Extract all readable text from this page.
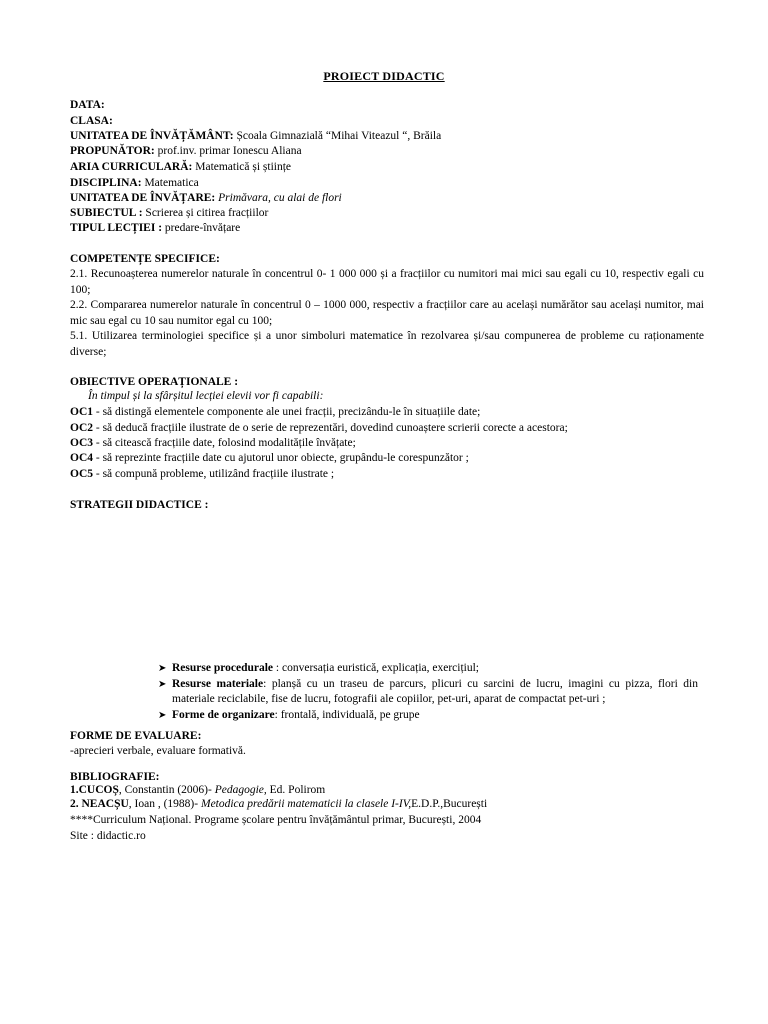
PROIECT DIDACTIC
DATA:
CLASA:
UNITATEA DE ÎNVĂȚĂMÂNT: Școala Gimnazială “Mihai Viteazul “, Brăila
PROPUNĂTOR: prof.inv. primar Ionescu Aliana
ARIA CURRICULARĂ: Matematică și științe
DISCIPLINA: Matematica
UNITATEA DE ÎNVĂȚARE: Primăvara, cu alai de flori
SUBIECTUL : Scrierea și citirea fracțiilor
TIPUL LECȚIEI : predare-învățare
COMPETENȚE SPECIFICE:
2.1. Recunoașterea numerelor naturale în concentrul 0- 1 000 000 și a fracțiilor cu numitori mai mici sau egali cu 10, respectiv egali cu 100;
2.2. Compararea numerelor naturale în concentrul 0 – 1000 000, respectiv a fracțiilor care au același numărător sau același numitor, mai mic sau egal cu 10 sau numitor egal cu 100;
5.1. Utilizarea terminologiei specifice și a unor simboluri matematice în rezolvarea și/sau compunerea de probleme cu raționamente diverse;
OBIECTIVE OPERAȚIONALE :
În timpul și la sfârșitul lecției elevii vor fi capabili:
OC1 - să distingă elementele componente ale unei fracții, precizându-le în situațiile date;
OC2 - să deducă fracțiile ilustrate de o serie de reprezentări, dovedind cunoaștere scrierii corecte a acestora;
OC3 - să citească fracțiile date, folosind modalitățile învățate;
OC4 - să reprezinte fracțiile date cu ajutorul unor obiecte, grupându-le corespunzător ;
OC5 - să compună probleme, utilizând fracțiile ilustrate ;
STRATEGII DIDACTICE :
➤ Resurse procedurale : conversația euristică, explicația, exercițiul;
➤ Resurse materiale: planșă cu un traseu de parcurs, plicuri cu sarcini de lucru, imagini cu pizza, flori din materiale reciclabile, fise de lucru, fotografii ale copiilor, pet-uri, aparat de compactat pet-uri ;
➤ Forme de organizare: frontală, individuală, pe grupe
FORME DE EVALUARE:
-aprecieri verbale, evaluare formativă.
BIBLIOGRAFIE:
1.CUCOȘ, Constantin (2006)- Pedagogie, Ed. Polirom
2. NEACȘU, Ioan , (1988)- Metodica predării matematicii la clasele I-IV,E.D.P.,București
****Curriculum Național. Programe școlare pentru învățământul primar, București, 2004
Site : didactic.ro
